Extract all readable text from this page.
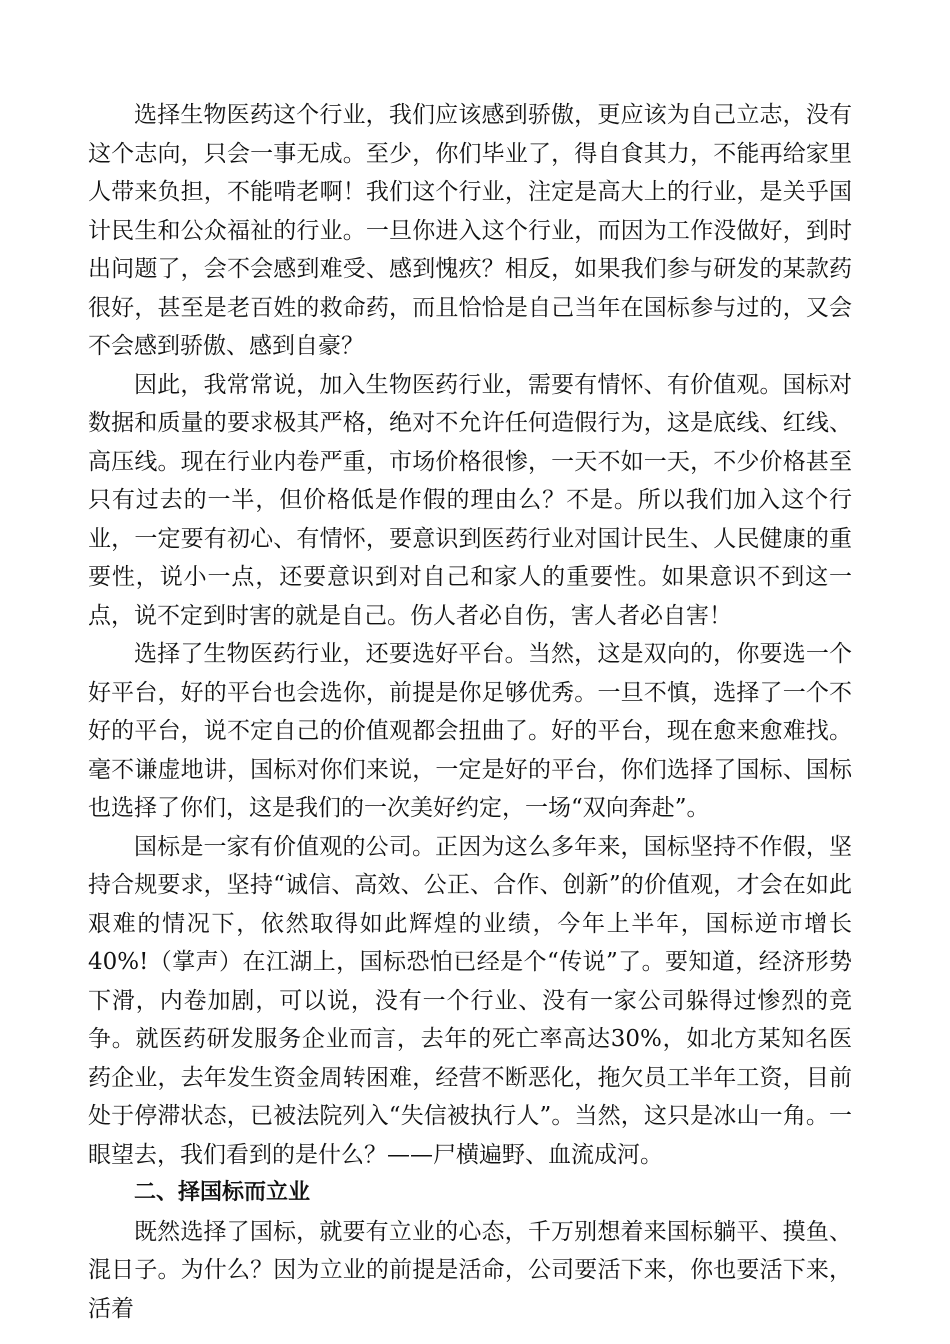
选择生物医药这个行业，我们应该感到骄傲，更应该为自己立志，没有这个志向，只会一事无成。至少，你们毕业了，得自食其力，不能再给家里人带来负担，不能啃老啊！我们这个行业，注定是高大上的行业，是关乎国计民生和公众福祉的行业。一旦你进入这个行业，而因为工作没做好，到时出问题了，会不会感到难受、感到愧疚？相反，如果我们参与研发的某款药很好，甚至是老百姓的救命药，而且恰恰是自己当年在国标参与过的，又会不会感到骄傲、感到自豪？

因此，我常常说，加入生物医药行业，需要有情怀、有价值观。国标对数据和质量的要求极其严格，绝对不允许任何造假行为，这是底线、红线、高压线。现在行业内卷严重，市场价格很惨，一天不如一天，不少价格甚至只有过去的一半，但价格低是作假的理由么？不是。所以我们加入这个行业，一定要有初心、有情怀，要意识到医药行业对国计民生、人民健康的重要性，说小一点，还要意识到对自己和家人的重要性。如果意识不到这一点，说不定到时害的就是自己。伤人者必自伤，害人者必自害！

选择了生物医药行业，还要选好平台。当然，这是双向的，你要选一个好平台，好的平台也会选你，前提是你足够优秀。一旦不慎，选择了一个不好的平台，说不定自己的价值观都会扭曲了。好的平台，现在愈来愈难找。毫不谦虚地讲，国标对你们来说，一定是好的平台，你们选择了国标、国标也选择了你们，这是我们的一次美好约定，一场“双向奔赴”。

国标是一家有价值观的公司。正因为这么多年来，国标坚持不作假，坚持合规要求，坚持“诚信、高效、公正、合作、创新”的价值观，才会在如此艰难的情况下，依然取得如此辉煌的业绩，今年上半年，国标逆市增长40%!（掌声）在江湖上，国标恐怕已经是个“传说”了。要知道，经济形势下滑，内卷加剧，可以说，没有一个行业、没有一家公司躲得过惨烈的竞争。就医药研发服务企业而言，去年的死亡率高达30%，如北方某知名医药企业，去年发生资金周转困难，经营不断恶化，拖欠员工半年工资，目前处于停滞状态，已被法院列入“失信被执行人”。当然，这只是冰山一角。一眼望去，我们看到的是什么？——尸横遍野、血流成河。

二、择国标而立业

既然选择了国标，就要有立业的心态，千万别想着来国标躺平、摸鱼、混日子。为什么？因为立业的前提是活命，公司要活下来，你也要活下来，活着
